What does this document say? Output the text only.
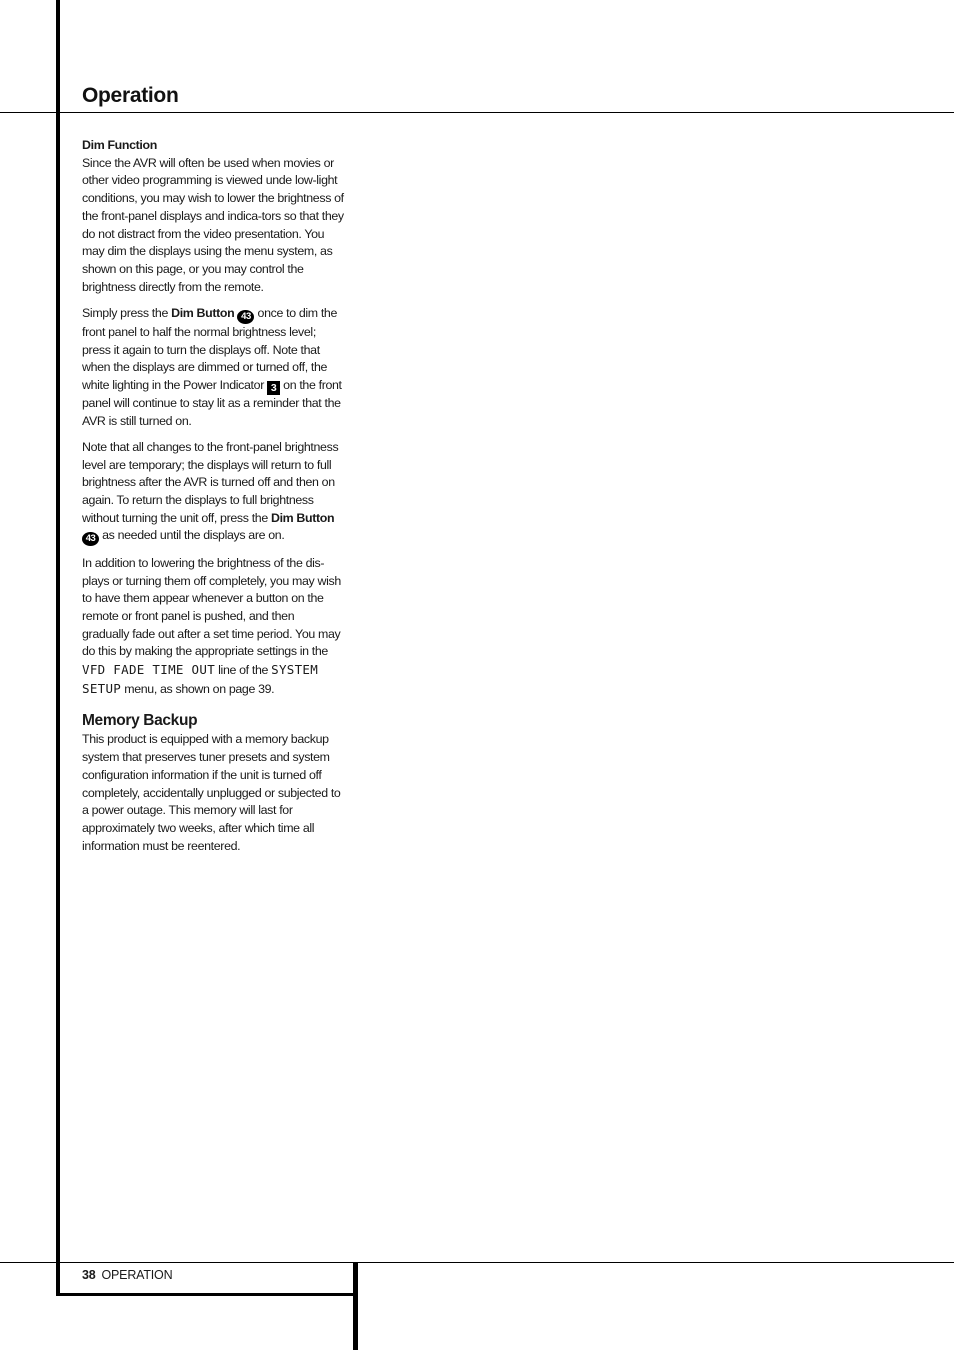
Operation

Dim Function
Since the AVR will often be used when movies or other video programming is viewed unde low-light conditions, you may wish to lower the brightness of the front-panel displays and indica-tors so that they do not distract from the video presentation. You may dim the displays using the menu system, as shown on this page, or you may control the brightness directly from the remote.

Simply press the Dim Button 43 once to dim the front panel to half the normal brightness level; press it again to turn the displays off. Note that when the displays are dimmed or turned off, the white lighting in the Power Indicator 3 on the front panel will continue to stay lit as a reminder that the AVR is still turned on.

Note that all changes to the front-panel brightness level are temporary; the displays will return to full brightness after the AVR is turned off and then on again. To return the displays to full brightness without turning the unit off, press the Dim Button 43 as needed until the displays are on.

In addition to lowering the brightness of the dis-plays or turning them off completely, you may wish to have them appear whenever a button on the remote or front panel is pushed, and then gradually fade out after a set time period. You may do this by making the appropriate settings in the VFD FADE TIME OUT line of the SYSTEM SETUP menu, as shown on page 39.

Memory Backup

This product is equipped with a memory backup system that preserves tuner presets and system configuration information if the unit is turned off completely, accidentally unplugged or subjected to a power outage. This memory will last for approximately two weeks, after which time all information must be reentered.

38 OPERATION
